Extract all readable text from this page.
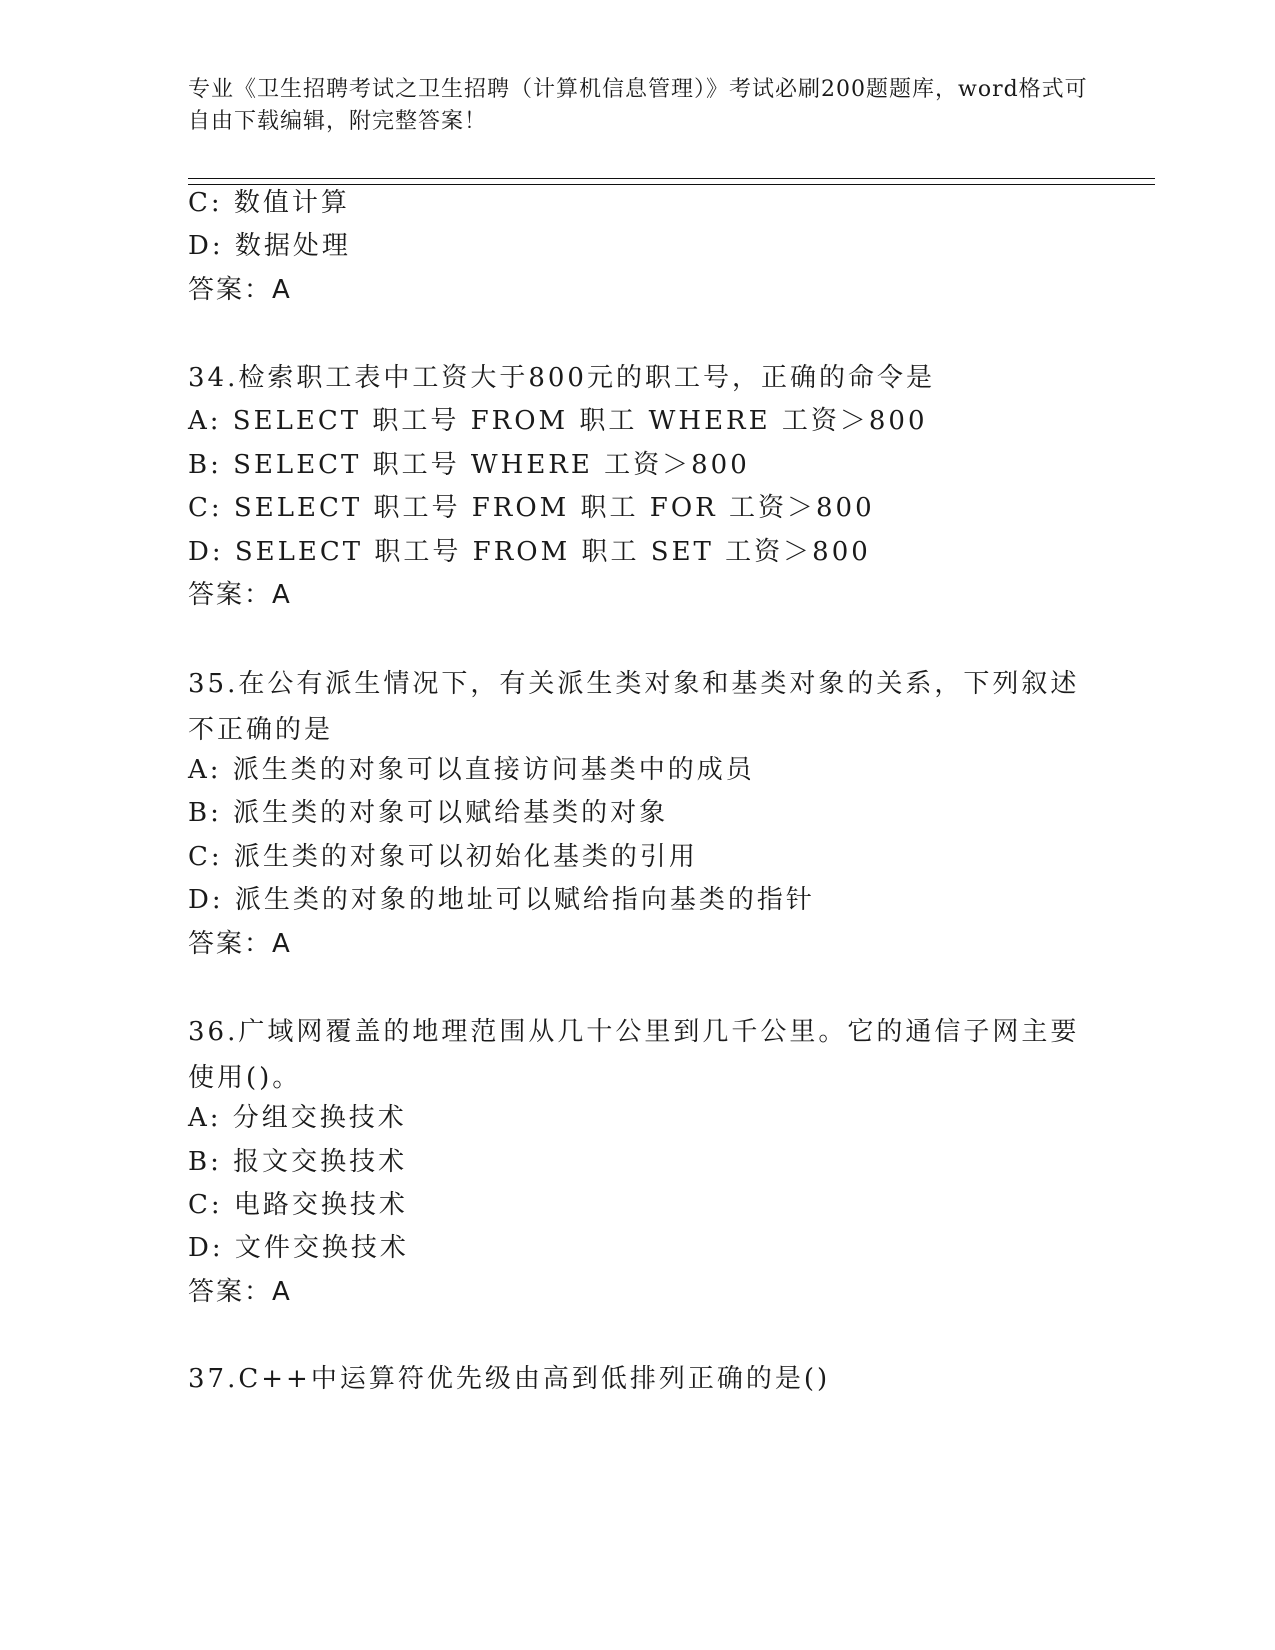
专业《卫生招聘考试之卫生招聘（计算机信息管理）》考试必刷200题题库，word格式可自由下载编辑，附完整答案！
C: 数值计算
D: 数据处理
答案：A
34.检索职工表中工资大于800元的职工号，正确的命令是
A: SELECT 职工号 FROM 职工 WHERE 工资＞800
B: SELECT 职工号 WHERE 工资＞800
C: SELECT 职工号 FROM 职工 FOR 工资＞800
D: SELECT 职工号 FROM 职工 SET 工资＞800
答案：A
35.在公有派生情况下，有关派生类对象和基类对象的关系，下列叙述不正确的是
A: 派生类的对象可以直接访问基类中的成员
B: 派生类的对象可以赋给基类的对象
C: 派生类的对象可以初始化基类的引用
D: 派生类的对象的地址可以赋给指向基类的指针
答案：A
36.广域网覆盖的地理范围从几十公里到几千公里。它的通信子网主要使用()。
A: 分组交换技术
B: 报文交换技术
C: 电路交换技术
D: 文件交换技术
答案：A
37.C++中运算符优先级由高到低排列正确的是()
